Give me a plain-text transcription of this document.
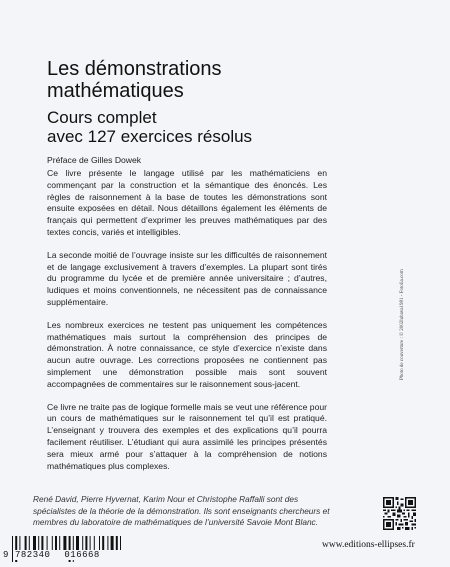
Les démonstrations
mathématiques
Cours complet
avec 127 exercices résolus
Préface de Gilles Dowek

Ce livre présente le langage utilisé par les mathématiciens en commençant par la construction et la sémantique des énoncés. Les règles de raisonnement à la base de toutes les démonstrations sont ensuite exposées en détail. Nous détaillons également les éléments de français qui permettent d’exprimer les preuves mathématiques par des textes concis, variés et intelligibles.

La seconde moitié de l’ouvrage insiste sur les difficultés de raisonnement et de langage exclusivement à travers d’exemples. La plupart sont tirés du programme du lycée et de première année universitaire ; d’autres, ludiques et moins conventionnels, ne nécessitent pas de connaissance supplémentaire.

Les nombreux exercices ne testent pas uniquement les compétences mathématiques mais surtout la compréhension des principes de démonstration. À notre connaissance, ce style d’exercice n’existe dans aucun autre ouvrage. Les corrections proposées ne contiennent pas simplement une démonstration possible mais sont souvent accompagnées de commentaires sur le raisonnement sous-jacent.

Ce livre ne traite pas de logique formelle mais se veut une référence pour un cours de mathématiques sur le raisonnement tel qu’il est pratiqué. L’enseignant y trouvera des exemples et des explications qu’il pourra facilement réutiliser. L’étudiant qui aura assimilé les principes présentés sera mieux armé pour s’attaquer à la compréhension de notions mathématiques plus complexes.

René David, Pierre Hyvernat, Karim Nour et Christophe Raffalli sont des spécialistes de la théorie de la démonstration. Ils sont enseignants chercheurs et membres du laboratoire de mathématiques de l’université Savoie Mont Blanc.
Photo de couverture : © 2002lubava1981 - Fotolia.com
www.editions-ellipses.fr
9 782340 016668
